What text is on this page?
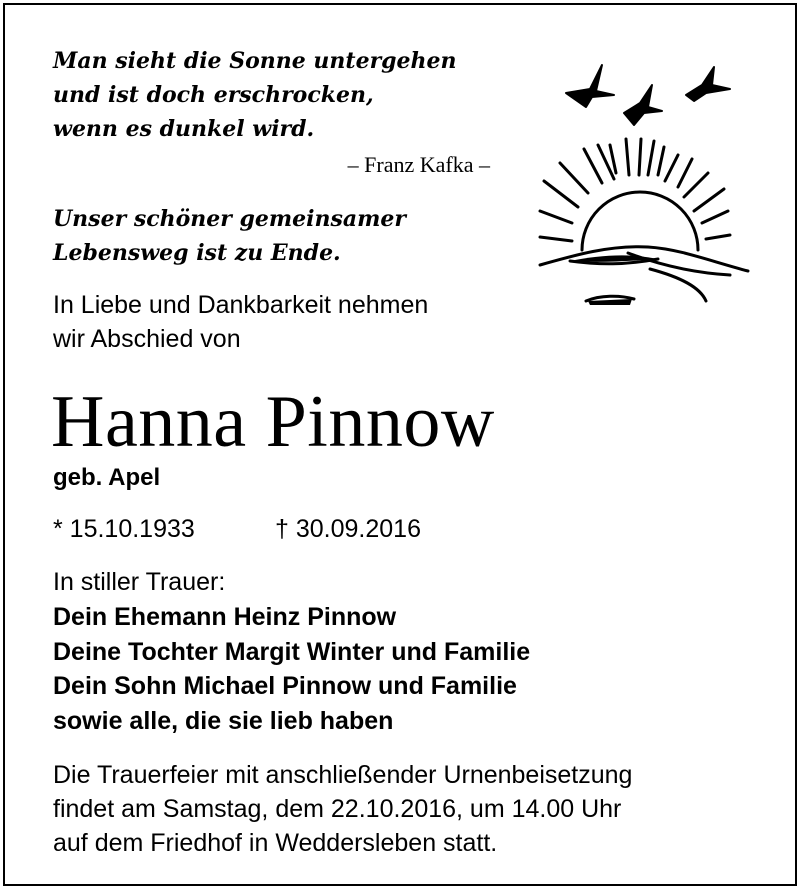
Man sieht die Sonne untergehen
und ist doch erschrocken,
wenn es dunkel wird.
– Franz Kafka –
Unser schöner gemeinsamer
Lebensweg ist zu Ende.
In Liebe und Dankbarkeit nehmen
wir Abschied von
Hanna Pinnow
geb. Apel
* 15.10.1933	† 30.09.2016
In stiller Trauer:
Dein Ehemann Heinz Pinnow
Deine Tochter Margit Winter und Familie
Dein Sohn Michael Pinnow und Familie
sowie alle, die sie lieb haben
Die Trauerfeier mit anschließender Urnenbeisetzung
findet am Samstag, dem 22.10.2016, um 14.00 Uhr
auf dem Friedhof in Weddersleben statt.
